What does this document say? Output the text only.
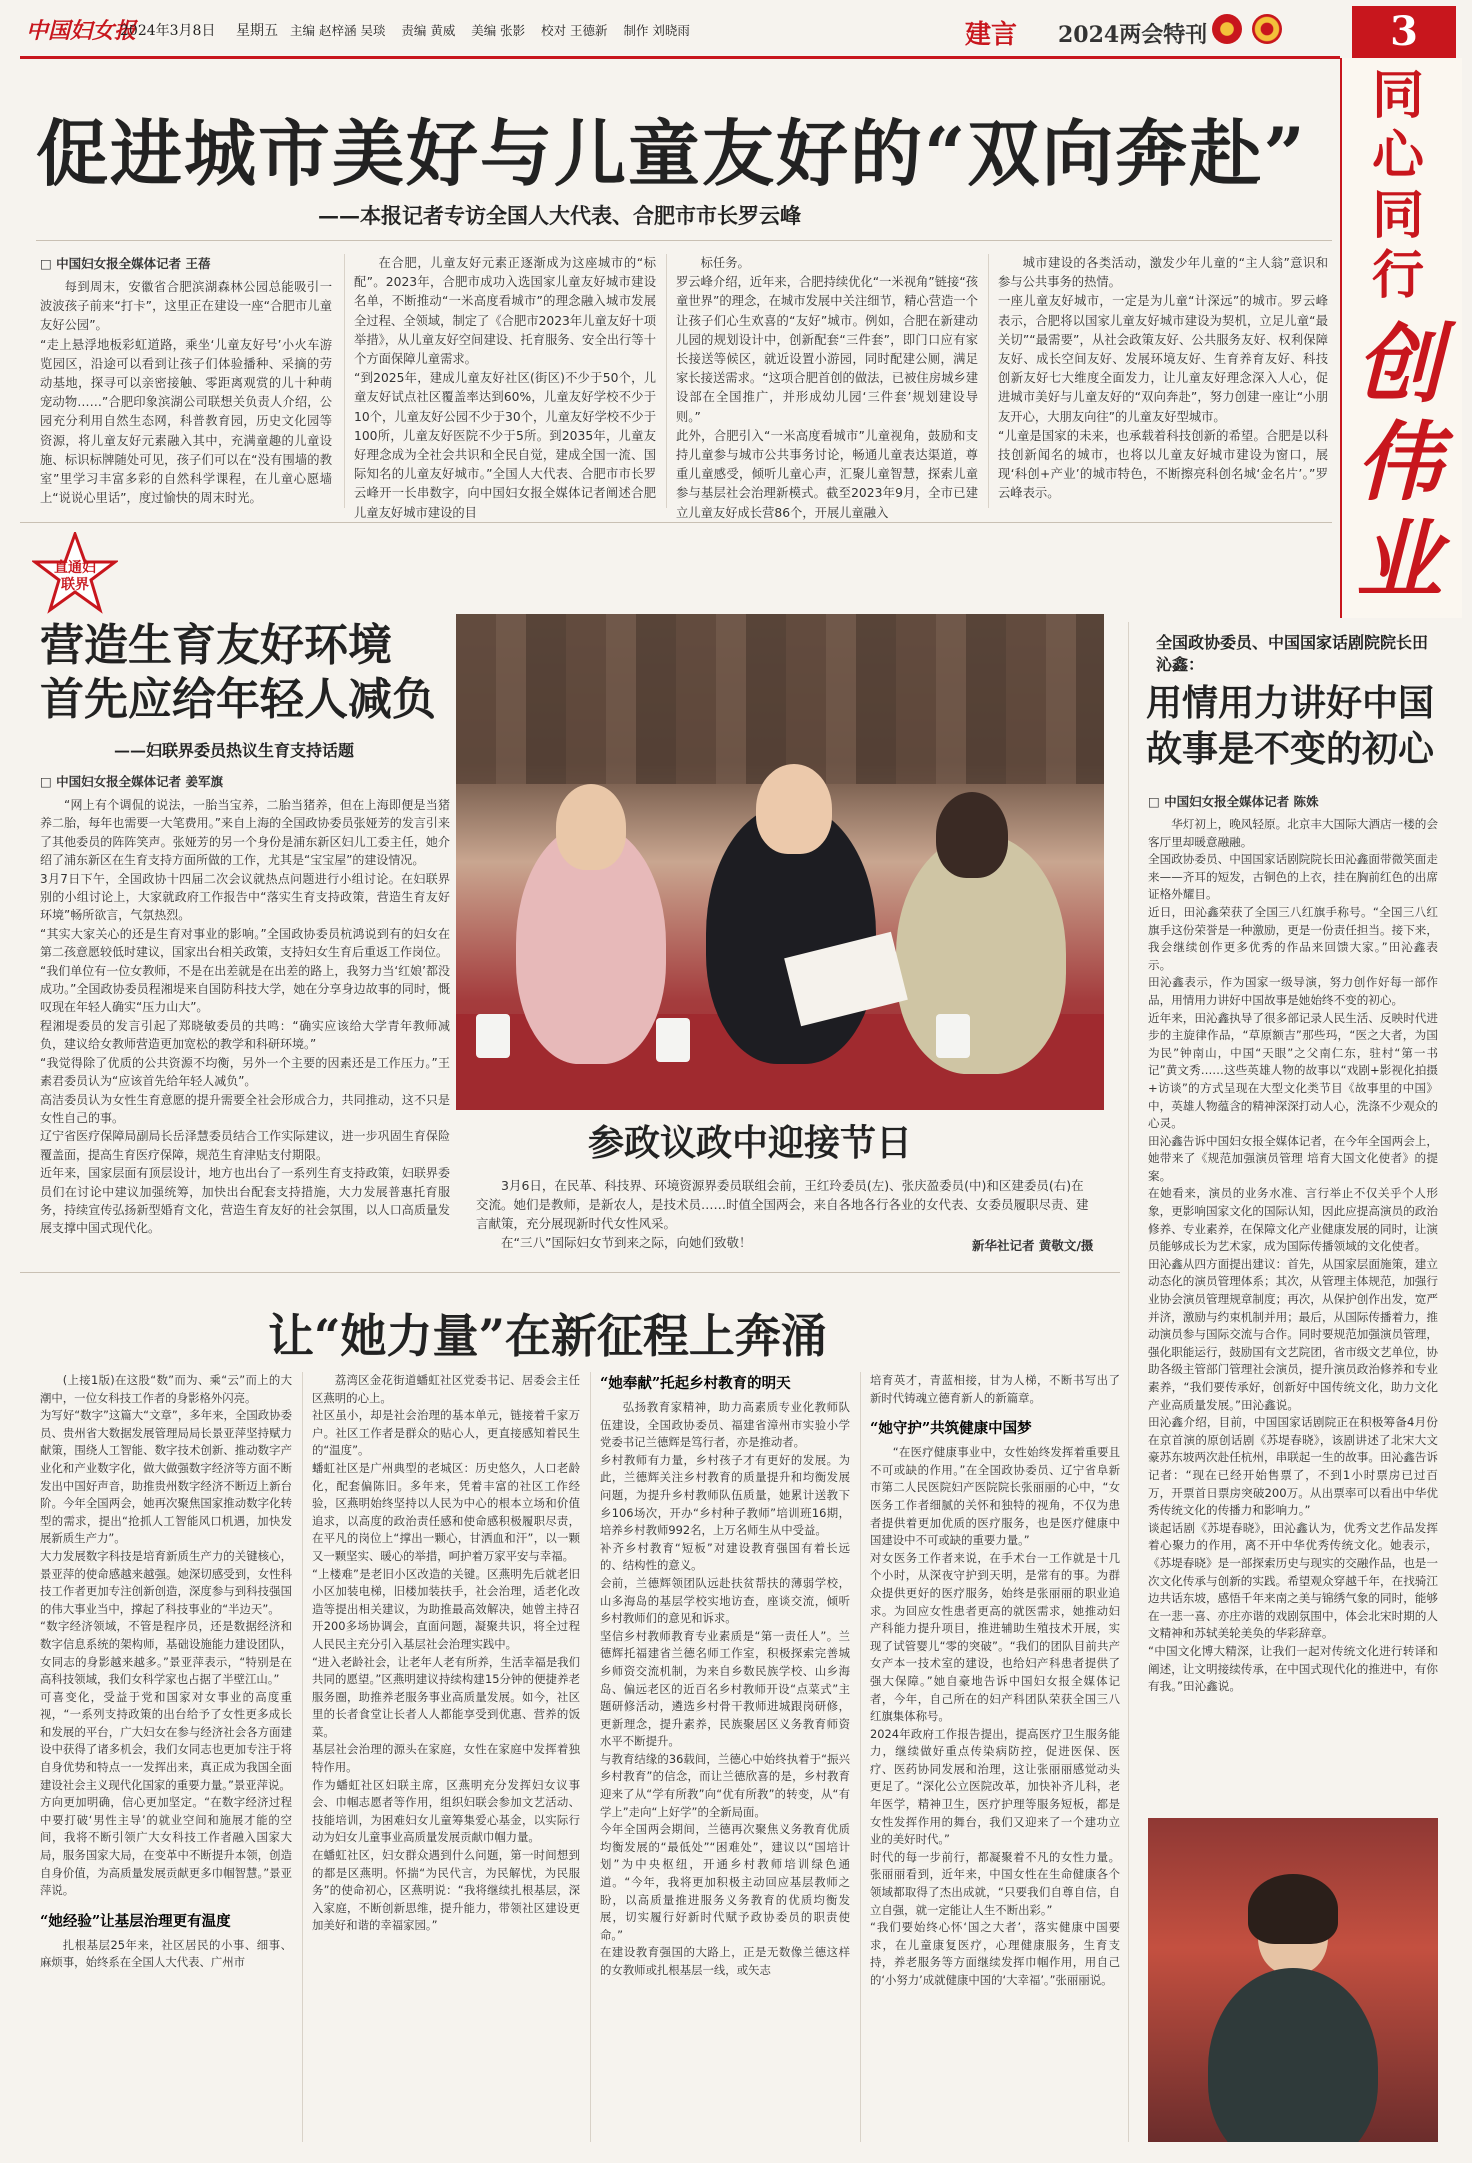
中国妇女报
2024年3月8日 星期五 主编 赵梓涵 吴琰    责编 黄威    美编 张影    校对 王德新    制作 刘晓雨	建言 2024两会特刊	3
同心同行
创伟业
促进城市美好与儿童友好的“双向奔赴”
——本报记者专访全国人大代表、合肥市市长罗云峰
□ 中国妇女报全媒体记者 王蓓
每到周末，安徽省合肥滨湖森林公园总能吸引一波波孩子前来“打卡”，这里正在建设一座“合肥市儿童友好公园”。
“走上悬浮地板彩虹道路，乘坐‘儿童友好号’小火车游览园区，沿途可以看到让孩子们体验播种、采摘的劳动基地，探寻可以亲密接触、零距离观赏的儿十种萌宠动物……”合肥印象滨湖公司联想关负责人介绍，公园充分利用自然生态网，科普教育园，历史文化园等资源，将儿童友好元素融入其中，充满童趣的儿童设施、标识标牌随处可见，孩子们可以在“没有围墙的教室”里学习丰富多彩的自然科学课程，在儿童心愿墙上“说说心里话”，度过愉快的周末时光。
在合肥，儿童友好元素正逐渐成为这座城市的“标配”。2023年，合肥市成功入选国家儿童友好城市建设名单，不断推动“一米高度看城市”的理念融入城市发展全过程、全领域，制定了《合肥市2023年儿童友好十项举措》，从儿童友好空间建设、托育服务、安全出行等十个方面保障儿童需求。
“到2025年，建成儿童友好社区(街区)不少于50个，儿童友好试点社区覆盖率达到60%，儿童友好学校不少于10个，儿童友好公园不少于30个，儿童友好学校不少于100所，儿童友好医院不少于5所。到2035年，儿童友好理念成为全社会共识和全民自觉，建成全国一流、国际知名的儿童友好城市。”全国人大代表、合肥市市长罗云峰开一长串数字，向中国妇女报全媒体记者阐述合肥儿童友好城市建设的目
标任务。
罗云峰介绍，近年来，合肥持续优化“一米视角”链接“孩童世界”的理念，在城市发展中关注细节，精心营造一个让孩子们心生欢喜的“友好”城市。例如，合肥在新建动儿园的规划设计中，创新配套“三件套”，即门口应有家长接送等候区，就近设置小游园，同时配建公厕，满足家长接送需求。“这项合肥首创的做法，已被住房城乡建设部在全国推广，并形成幼儿园‘三件套’规划建设导则。”
此外，合肥引入“一米高度看城市”儿童视角，鼓励和支持儿童参与城市公共事务讨论，畅通儿童表达渠道，尊重儿童感受，倾听儿童心声，汇聚儿童智慧，探索儿童参与基层社会治理新模式。截至2023年9月，全市已建立儿童友好成长营86个，开展儿童融入
城市建设的各类活动，激发少年儿童的“主人翁”意识和参与公共事务的热情。
一座儿童友好城市，一定是为儿童“计深远”的城市。罗云峰表示，合肥将以国家儿童友好城市建设为契机，立足儿童“最关切”“最需要”，从社会政策友好、公共服务友好、权利保障友好、成长空间友好、发展环境友好、生育养育友好、科技创新友好七大维度全面发力，让儿童友好理念深入人心，促进城市美好与儿童友好的“双向奔赴”，努力创建一座让“小朋友开心，大朋友向往”的儿童友好型城市。
“儿童是国家的未来，也承载着科技创新的希望。合肥是以科技创新闻名的城市，也将以儿童友好城市建设为窗口，展现‘科创+产业’的城市特色，不断擦亮科创名城‘金名片’。”罗云峰表示。
直通妇联界
营造生育友好环境
首先应给年轻人减负
——妇联界委员热议生育支持话题
□ 中国妇女报全媒体记者 姜军旗
“网上有个调侃的说法，一胎当宝养，二胎当猪养，但在上海即便是当猪养二胎，每年也需要一大笔费用。”来自上海的全国政协委员张娅芳的发言引来了其他委员的阵阵笑声。张娅芳的另一个身份是浦东新区妇儿工委主任，她介绍了浦东新区在生育支持方面所做的工作，尤其是“宝宝屋”的建设情况。
3月7日下午，全国政协十四届二次会议就热点问题进行小组讨论。在妇联界别的小组讨论上，大家就政府工作报告中“落实生育支持政策，营造生育友好环境”畅所欲言，气氛热烈。
“其实大家关心的还是生育对事业的影响。”全国政协委员杭鸿说到有的妇女在第二孩意愿较低时建议，国家出台相关政策，支持妇女生育后重返工作岗位。
“我们单位有一位女教师，不是在出差就是在出差的路上，我努力当‘红娘’都没成功。”全国政协委员程湘堤来自国防科技大学，她在分享身边故事的同时，慨叹现在年轻人确实“压力山大”。
程湘堤委员的发言引起了郑晓敏委员的共鸣：“确实应该给大学青年教师减负，建议给女教师营造更加宽松的教学和科研环境。”
“我觉得除了优质的公共资源不均衡，另外一个主要的因素还是工作压力。”王素君委员认为“应该首先给年轻人减负”。
高洁委员认为女性生育意愿的提升需要全社会形成合力，共同推动，这不只是女性自己的事。
辽宁省医疗保障局副局长岳泽慧委员结合工作实际建议，进一步巩固生育保险覆盖面，提高生育医疗保障，规范生育津贴支付期限。
近年来，国家层面有顶层设计，地方也出台了一系列生育支持政策，妇联界委员们在讨论中建议加强统筹，加快出台配套支持措施，大力发展普惠托育服务，持续宣传弘扬新型婚育文化，营造生育友好的社会氛围，以人口高质量发展支撑中国式现代化。
参政议政中迎接节日
3月6日，在民革、科技界、环境资源界委员联组会前，王红玲委员(左)、张庆盈委员(中)和区建委员(右)在交流。她们是教师，是新农人，是技术员……时值全国两会，来自各地各行各业的女代表、女委员履职尽责、建言献策，充分展现新时代女性风采。
在“三八”国际妇女节到来之际，向她们致敬！	新华社记者 黄敬文/摄
全国政协委员、中国国家话剧院院长田沁鑫：
用情用力讲好中国
故事是不变的初心
□ 中国妇女报全媒体记者 陈姝
华灯初上，晚风轻原。北京丰大国际大酒店一楼的会客厅里却暖意融融。
全国政协委员、中国国家话剧院院长田沁鑫面带微笑面走来——齐耳的短发，古铜色的上衣，挂在胸前红色的出席证格外耀目。
近日，田沁鑫荣获了全国三八红旗手称号。“全国三八红旗手这份荣誉是一种激励，更是一份责任担当。接下来，我会继续创作更多优秀的作品来回馈大家。”田沁鑫表示。
田沁鑫表示，作为国家一级导演，努力创作好每一部作品，用情用力讲好中国故事是她始终不变的初心。
近年来，田沁鑫执导了很多部记录人民生活、反映时代进步的主旋律作品，“草原额吉”那些玛，“医之大者，为国为民”钟南山，中国“天眼”之父南仁东，驻村“第一书记”黄文秀……这些英雄人物的故事以“戏剧+影视化拍摄+访谈”的方式呈现在大型文化类节目《故事里的中国》中，英雄人物蕴含的精神深深打动人心，洗涤不少观众的心灵。
田沁鑫告诉中国妇女报全媒体记者，在今年全国两会上，她带来了《规范加强演员管理 培育大国文化使者》的提案。
在她看来，演员的业务水准、言行举止不仅关乎个人形象，更影响国家文化的国际认知，因此应提高演员的政治修养、专业素养，在保障文化产业健康发展的同时，让演员能够成长为艺术家，成为国际传播领域的文化使者。
田沁鑫从四方面提出建议：首先，从国家层面施策，建立动态化的演员管理体系；其次，从管理主体规范，加强行业协会演员管理规章制度；再次，从保护创作出发，宽严并济，激励与约束机制并用；最后，从国际传播着力，推动演员参与国际交流与合作。同时要规范加强演员管理，强化职能运行，鼓励国有文艺院团，省市级文艺单位，协助各级主管部门管理社会演员，提升演员政治修养和专业素养，“我们要传承好，创新好中国传统文化，助力文化产业高质量发展。”田沁鑫说。
田沁鑫介绍，目前，中国国家话剧院正在积极筹备4月份在京首演的原创话剧《苏堤春晓》，该剧讲述了北宋大文豪苏东坡两次赴任杭州，串联起一生的故事。田沁鑫告诉记者：“现在已经开始售票了，不到1小时票房已过百万，开票首日票房突破200万。从出票率可以看出中华优秀传统文化的传播力和影响力。”
谈起话剧《苏堤春晓》，田沁鑫认为，优秀文艺作品发挥着心聚力的作用，离不开中华优秀传统文化。她表示，《苏堤春晓》是一部探索历史与现实的交融作品，也是一次文化传承与创新的实践。希望观众穿越千年，在找骑江边共话东坡，感悟千年来南之美与锦绣气象的同时，能够在一悲一喜、亦庄亦谐的戏剧氛围中，体会北宋时期的人文精神和苏轼美轮美奂的华彩辞章。
“中国文化博大精深，让我们一起对传统文化进行转译和阐述，让文明接续传承，在中国式现代化的推进中，有你有我。”田沁鑫说。
让“她力量”在新征程上奔涌
(上接1版)在这股“数”而为、乘“云”而上的大潮中，一位女科技工作者的身影格外闪亮。
为写好“数字”这篇大“文章”，多年来，全国政协委员、贵州省大数据发展管理局局长景亚萍坚持赋力献策，围绕人工智能、数字技术创新、推动数字产业化和产业数字化，做大做强数字经济等方面不断发出中国好声音，助推贵州数字经济不断迈上新台阶。今年全国两会，她再次聚焦国家推动数字化转型的需求，提出“抢抓人工智能风口机遇，加快发展新质生产力”。
大力发展数字科技是培育新质生产力的关键核心，景亚萍的使命感越来越强。她深切感受到，女性科技工作者更加专注创新创造，深度参与到科技强国的伟大事业当中，撑起了科技事业的“半边天”。
“数字经济领域，不管是程序员，还是数据经济和数字信息系统的架构师，基础设施能力建设团队，女同志的身影越来越多。”景亚萍表示，“特别是在高科技领域，我们女科学家也占据了半壁江山。”
可喜变化，受益于党和国家对女事业的高度重视，“一系列支持政策的出台给予了女性更多成长和发展的平台，广大妇女在参与经济社会各方面建设中获得了诸多机会，我们女同志也更加专注于将自身优势和特点一一发挥出来，真正成为我国全面建设社会主义现代化国家的重要力量。”景亚萍说。
方向更加明确，信心更加坚定。“在数字经济过程中要打破‘男性主导’的就业空间和施展才能的空间，我将不断引领广大女科技工作者融入国家大局，服务国家大局，在变革中不断提升本领，创造自身价值，为高质量发展贡献更多巾帼智慧。”景亚萍说。
“她经验”让基层治理更有温度
扎根基层25年来，社区居民的小事、细事、麻烦事，始终系在全国人大代表、广州市
荔湾区金花街道蟠虹社区党委书记、居委会主任区燕明的心上。
社区虽小，却是社会治理的基本单元，链接着千家万户。社区工作者是群众的贴心人，更直接感知着民生的“温度”。
蟠虹社区是广州典型的老城区：历史悠久，人口老龄化，配套偏陈旧。多年来，凭着丰富的社区工作经验，区燕明始终坚持以人民为中心的根本立场和价值追求，以高度的政治责任感和使命感积极履职尽责，在平凡的岗位上“撑出一颗心，甘洒血和汗”，以一颗又一颗坚实、暖心的举措，呵护着万家平安与幸福。
“上楼难”是老旧小区改造的关键。区燕明先后就老旧小区加装电梯，旧楼加装扶手，社会治理，适老化改造等提出相关建议，为助推最高效解决，她曾主持召开200多场协调会，直面问题，凝聚共识，将全过程人民民主充分引入基层社会治理实践中。
“进入老龄社会，让老年人老有所养，生活幸福是我们共同的愿望。”区燕明建议持续构建15分钟的便捷养老服务圈，助推养老服务事业高质量发展。如今，社区里的长者食堂让长者人人都能享受到优惠、营养的饭菜。
基层社会治理的源头在家庭，女性在家庭中发挥着独特作用。
作为蟠虹社区妇联主席，区燕明充分发挥妇女议事会、巾帼志愿者等作用，组织妇联会参加文艺活动、技能培训，为困难妇女儿童筹集爱心基金，以实际行动为妇女儿童事业高质量发展贡献巾帼力量。
在蟠虹社区，妇女群众遇到什么问题，第一时间想到的都是区燕明。怀揣“为民代言，为民解忧，为民服务”的使命初心，区燕明说：“我将继续扎根基层，深入家庭，不断创新思维，提升能力，带领社区建设更加美好和谐的幸福家园。”
“她奉献”托起乡村教育的明天
弘扬教育家精神，助力高素质专业化教师队伍建设，全国政协委员、福建省漳州市实验小学党委书记兰德辉是笃行者，亦是推动者。
乡村教师有力量，乡村孩子才有更好的发展。为此，兰德辉关注乡村教育的质量提升和均衡发展问题，为提升乡村教师队伍质量，她累计送教下乡106场次，开办“乡村种子教师”培训班16期，培养乡村教师992名，上万名师生从中受益。
补齐乡村教育“短板”对建设教育强国有着长远的、结构性的意义。
会前，兰德辉领团队远赴扶贫帮扶的薄弱学校，山多海岛的基层学校实地访查，座谈交流，倾听乡村教师们的意见和诉求。
坚信乡村教师教育专业素质是“第一责任人”。兰德辉托福建省兰德名师工作室，积极探索完善城乡师资交流机制，为来自乡数民族学校、山乡海岛、偏远老区的近百名乡村教师开设“点菜式”主题研修活动，遴选乡村骨干教师进城跟岗研修，更新理念，提升素养，民族聚居区义务教育师资水平不断提升。
与教育结缘的36载间，兰德心中始终执着于“振兴乡村教育”的信念，而让兰德欣喜的是，乡村教育迎来了从“学有所教”向“优有所教”的转变，从“有学上”走向“上好学”的全新局面。
今年全国两会期间，兰德再次聚焦义务教育优质均衡发展的“最低处”“困难处”，建议以“国培计划”为中央枢纽，开通乡村教师培训绿色通道。“今年，我将更加积极主动回应基层教师之盼，以高质量推进服务义务教育的优质均衡发展，切实履行好新时代赋予政协委员的职责使命。”
在建设教育强国的大路上，正是无数像兰德这样的女教师或扎根基层一线，或矢志
培育英才，青蓝相接，甘为人梯，不断书写出了新时代铸魂立德育新人的新篇章。
“她守护”共筑健康中国梦
“在医疗健康事业中，女性始终发挥着重要且不可或缺的作用。”在全国政协委员、辽宁省阜新市第二人民医院妇产医院院长张丽丽的心中，“女医务工作者细腻的关怀和独特的视角，不仅为患者提供着更加优质的医疗服务，也是医疗健康中国建设中不可或缺的重要力量。”
对女医务工作者来说，在手术台一工作就是十几个小时，从深夜守护到天明，是常有的事。为群众提供更好的医疗服务，始终是张丽丽的职业追求。为回应女性患者更高的就医需求，她推动妇产科能力提升项目，推进辅助生殖技术开展，实现了试管婴儿“零的突破”。“我们的团队目前共产女产本一技术室的建设，也给妇产科患者提供了强大保障。”她自豪地告诉中国妇女报全媒体记者，今年，自己所在的妇产科团队荣获全国三八红旗集体称号。
2024年政府工作报告提出，提高医疗卫生服务能力，继续做好重点传染病防控，促进医保、医疗、医药协同发展和治理，这让张丽丽感觉动头更足了。“深化公立医院改革，加快补齐儿科，老年医学，精神卫生，医疗护理等服务短板，都是女性发挥作用的舞台，我们又迎来了一个建功立业的美好时代。”
时代的每一步前行，都凝聚着不凡的女性力量。张丽丽看到，近年来，中国女性在生命健康各个领域都取得了杰出成就，“只要我们自尊自信，自立自强，就一定能让人生不断出彩。”
“我们要始终心怀‘国之大者’，落实健康中国要求，在儿童康复医疗，心理健康服务，生育支持，养老服务等方面继续发挥巾帼作用，用自己的‘小努力’成就健康中国的‘大幸福’。”张丽丽说。
